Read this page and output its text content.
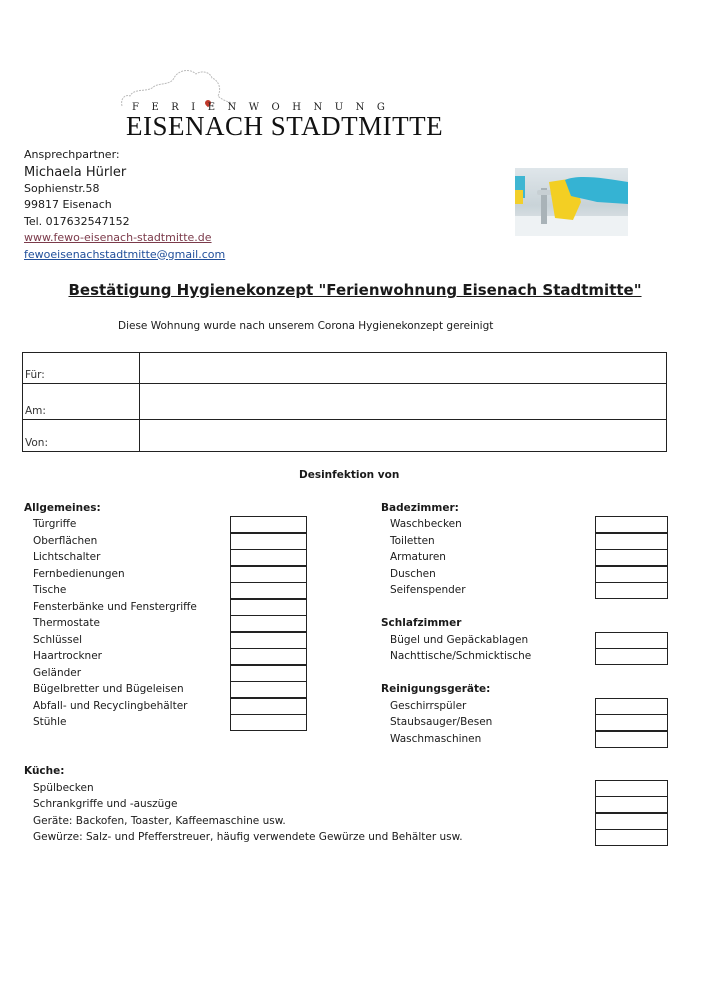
FERIENWOHNUNG
EISENACH STADTMITTE
Ansprechpartner:
Michaela Hürler
Sophienstr.58
99817 Eisenach
Tel. 017632547152
www.fewo-eisenach-stadtmitte.de
fewoeisenachstadtmitte@gmail.com
Bestätigung Hygienekonzept "Ferienwohnung Eisenach Stadtmitte"
Diese Wohnung wurde nach unserem Corona Hygienekonzept gereinigt
Für:	
Am:	
Von:	
Desinfektion von
Allgemeines:
Türgriffe
Oberflächen
Lichtschalter
Fernbedienungen
Tische
Fensterbänke und Fenstergriffe
Thermostate
Schlüssel
Haartrockner
Geländer
Bügelbretter und Bügeleisen
Abfall- und Recyclingbehälter
Stühle
Badezimmer:
Waschbecken
Toiletten
Armaturen
Duschen
Seifenspender
Schlafzimmer
Bügel und Gepäckablagen
Nachttische/Schmicktische
Reinigungsgeräte:
Geschirrspüler
Staubsauger/Besen
Waschmaschinen
Küche:
Spülbecken
Schrankgriffe und -auszüge
Geräte: Backofen, Toaster, Kaffeemaschine usw.
Gewürze: Salz- und Pfefferstreuer, häufig verwendete Gewürze und Behälter usw.
